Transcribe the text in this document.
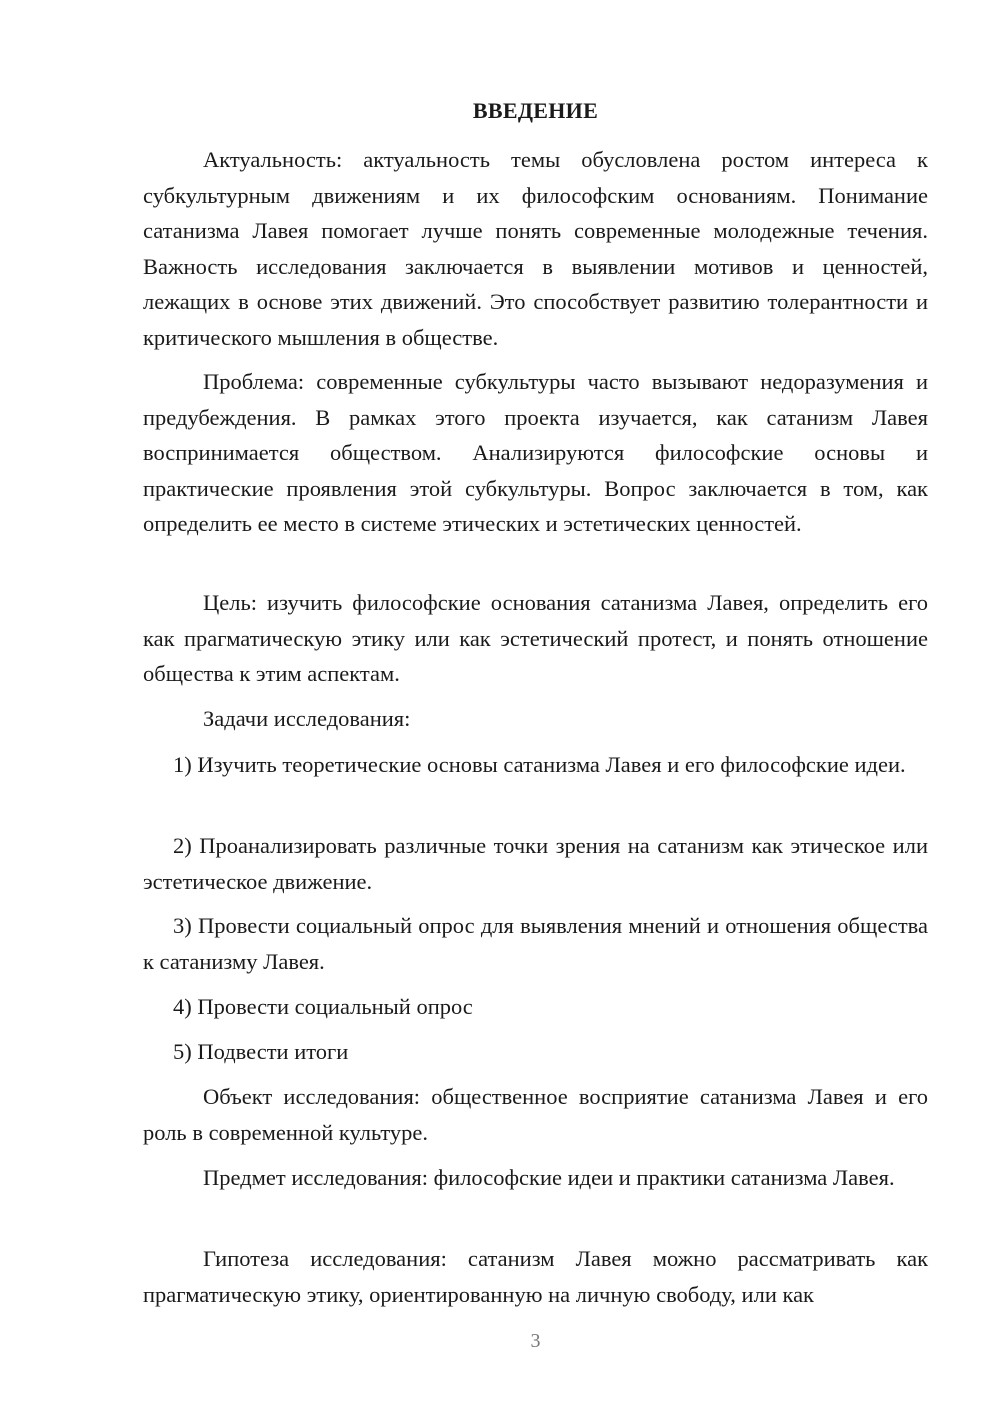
ВВЕДЕНИЕ

Актуальность: актуальность темы обусловлена ростом интереса к субкультурным движениям и их философским основаниям. Понимание сатанизма Лавея помогает лучше понять современные молодежные течения. Важность исследования заключается в выявлении мотивов и ценностей, лежащих в основе этих движений. Это способствует развитию толерантности и критического мышления в обществе.

Проблема: современные субкультуры часто вызывают недоразумения и предубеждения. В рамках этого проекта изучается, как сатанизм Лавея воспринимается обществом. Анализируются философские основы и практические проявления этой субкультуры. Вопрос заключается в том, как определить ее место в системе этических и эстетических ценностей.

Цель: изучить философские основания сатанизма Лавея, определить его как прагматическую этику или как эстетический протест, и понять отношение общества к этим аспектам.

Задачи исследования:

1) Изучить теоретические основы сатанизма Лавея и его философские идеи.

2) Проанализировать различные точки зрения на сатанизм как этическое или эстетическое движение.

3) Провести социальный опрос для выявления мнений и отношения общества к сатанизму Лавея.

4) Провести социальный опрос

5) Подвести итоги

Объект исследования: общественное восприятие сатанизма Лавея и его роль в современной культуре.

Предмет исследования: философские идеи и практики сатанизма Лавея.

Гипотеза исследования: сатанизм Лавея можно рассматривать как прагматическую этику, ориентированную на личную свободу, или как

3
